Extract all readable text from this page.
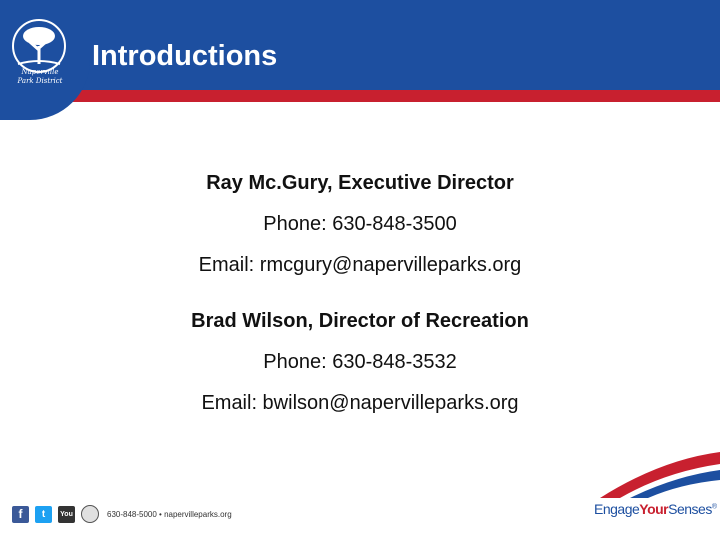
Naperville
Park District
Introductions
Ray Mc.Gury, Executive Director
Phone: 630-848-3500
Email: rmcgury@napervilleparks.org
Brad Wilson, Director of Recreation
Phone: 630-848-3532
Email: bwilson@napervilleparks.org
f	t	You	630-848-5000 • napervilleparks.org	EngageYourSenses®
